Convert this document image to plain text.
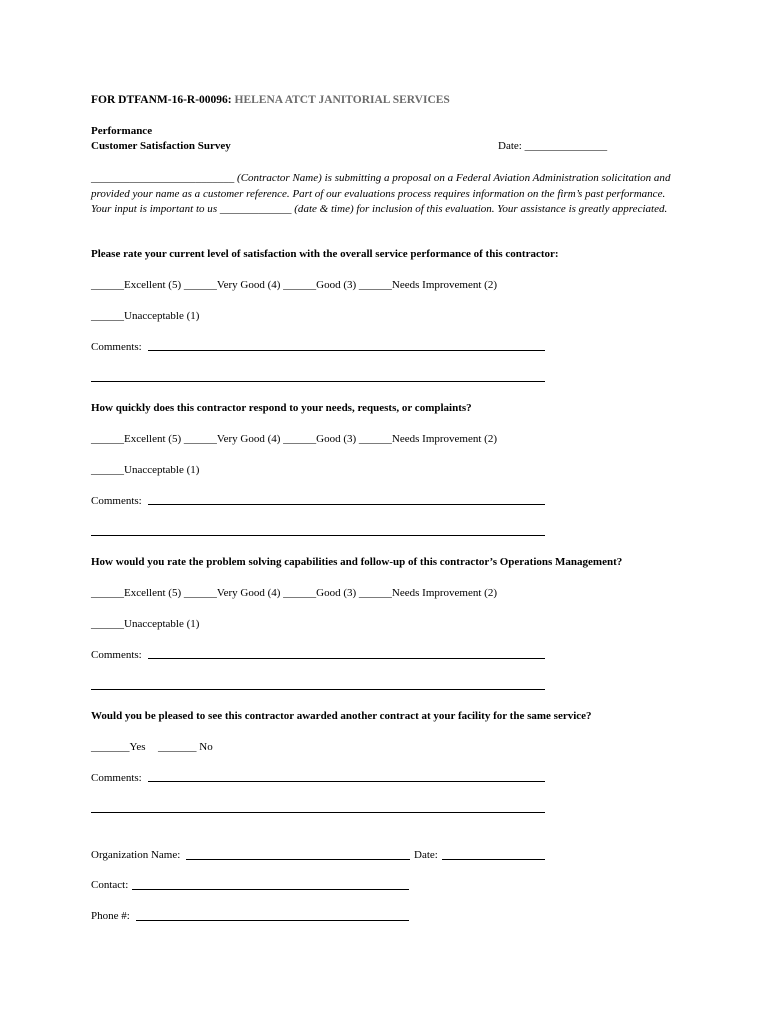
FOR DTFANM-16-R-00096: HELENA ATCT JANITORIAL SERVICES
Performance
Customer Satisfaction Survey	Date: _______________
__________________________ (Contractor Name) is submitting a proposal on a Federal Aviation Administration solicitation and provided your name as a customer reference. Part of our evaluations process requires information on the firm’s past performance. Your input is important to us _____________ (date & time) for inclusion of this evaluation. Your assistance is greatly appreciated.
Please rate your current level of satisfaction with the overall service performance of this contractor:
______Excellent (5) ______Very Good (4) ______Good (3) ______Needs Improvement (2)
______Unacceptable (1)
Comments:
How quickly does this contractor respond to your needs, requests, or complaints?
______Excellent (5) ______Very Good (4) ______Good (3) ______Needs Improvement (2)
______Unacceptable (1)
Comments:
How would you rate the problem solving capabilities and follow-up of this contractor’s Operations Management?
______Excellent (5) ______Very Good (4) ______Good (3) ______Needs Improvement (2)
______Unacceptable (1)
Comments:
Would you be pleased to see this contractor awarded another contract at your facility for the same service?
_______Yes _______ No
Comments:
Organization Name:	Date:
Contact:
Phone #:
